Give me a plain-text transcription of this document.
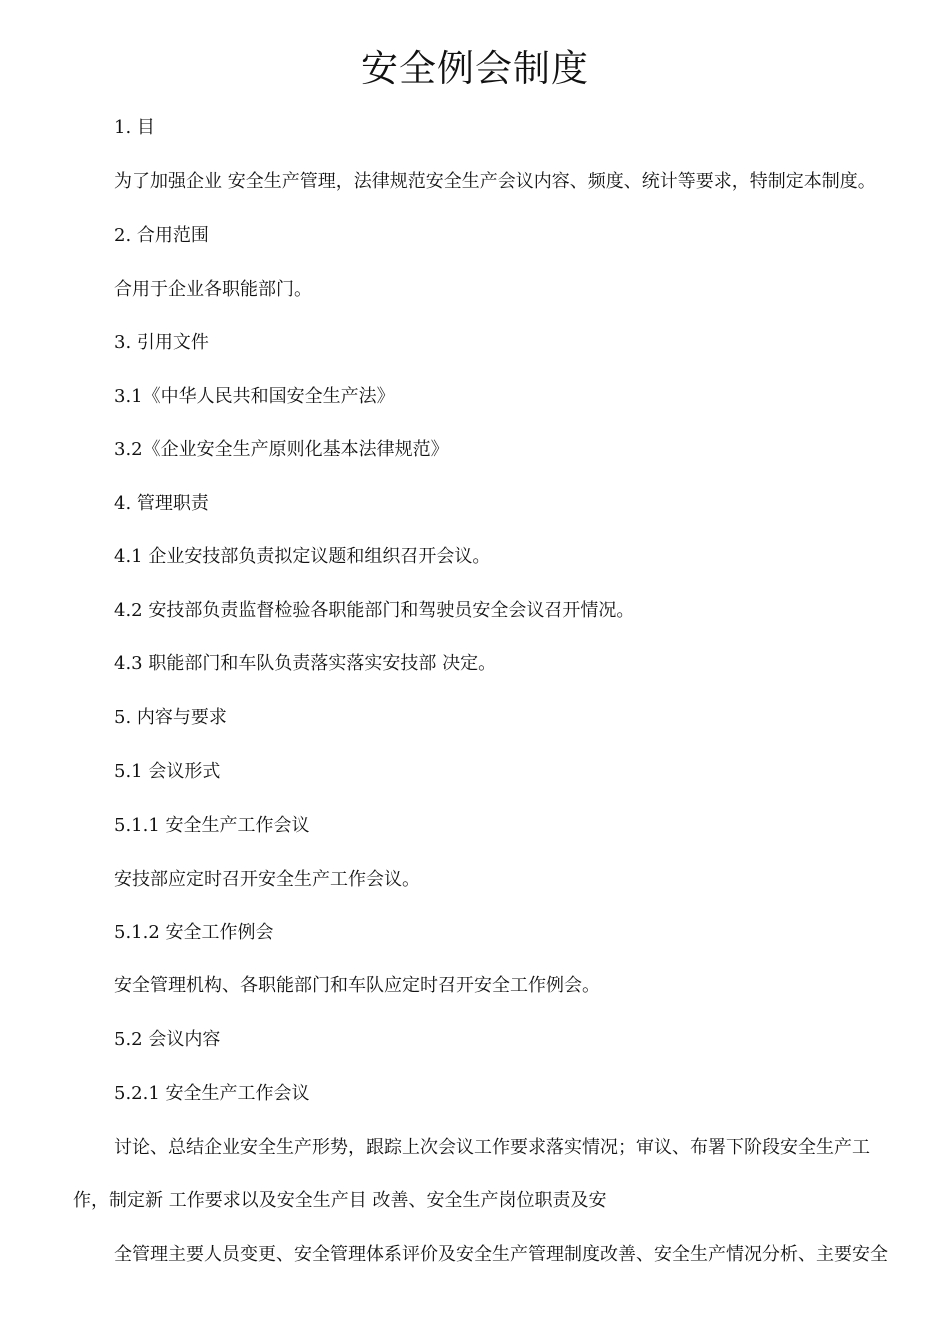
安全例会制度
1. 目
为了加强企业 安全生产管理，法律规范安全生产会议内容、频度、统计等要求，特制定本制度。
2. 合用范围
合用于企业各职能部门。
3. 引用文件
3.1《中华人民共和国安全生产法》
3.2《企业安全生产原则化基本法律规范》
4. 管理职责
4.1 企业安技部负责拟定议题和组织召开会议。
4.2 安技部负责监督检验各职能部门和驾驶员安全会议召开情况。
4.3 职能部门和车队负责落实落实安技部 决定。
5. 内容与要求
5.1 会议形式
5.1.1 安全生产工作会议
安技部应定时召开安全生产工作会议。
5.1.2 安全工作例会
安全管理机构、各职能部门和车队应定时召开安全工作例会。
5.2 会议内容
5.2.1 安全生产工作会议
讨论、总结企业安全生产形势，跟踪上次会议工作要求落实情况；审议、布署下阶段安全生产工
作，制定新 工作要求以及安全生产目 改善、安全生产岗位职责及安
全管理主要人员变更、安全管理体系评价及安全生产管理制度改善、安全生产情况分析、主要安全
